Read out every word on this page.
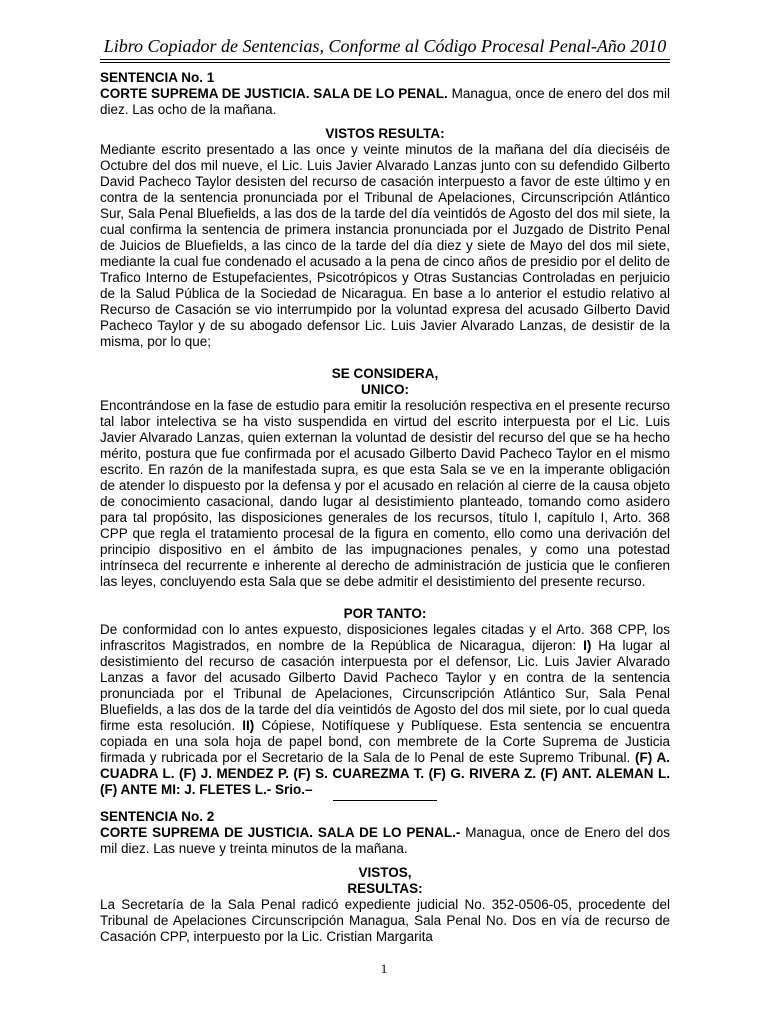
Libro Copiador de Sentencias, Conforme al Código Procesal Penal-Año 2010

SENTENCIA No. 1

CORTE SUPREMA DE JUSTICIA. SALA DE LO PENAL. Managua, once de enero del dos mil diez. Las ocho de la mañana.

VISTOS RESULTA:

Mediante escrito presentado a las once y veinte minutos de la mañana del día dieciséis de Octubre del dos mil nueve, el Lic. Luis Javier Alvarado Lanzas junto con su defendido Gilberto David Pacheco Taylor desisten del recurso de casación interpuesto a favor de este último y en contra de la sentencia pronunciada por el Tribunal de Apelaciones, Circunscripción Atlántico Sur, Sala Penal Bluefields, a las dos de la tarde del día veintidós de Agosto del dos mil siete, la cual confirma la sentencia de primera instancia pronunciada por el Juzgado de Distrito Penal de Juicios de Bluefields, a las cinco de la tarde del día diez y siete de Mayo del dos mil siete, mediante la cual fue condenado el acusado a la pena de cinco años de presidio por el delito de Trafico Interno de Estupefacientes, Psicotrópicos y Otras Sustancias Controladas en perjuicio de la Salud Pública de la Sociedad de Nicaragua. En base a lo anterior el estudio relativo al Recurso de Casación se vio interrumpido por la voluntad expresa del acusado Gilberto David Pacheco Taylor y de su abogado defensor Lic. Luis Javier Alvarado Lanzas, de desistir de la misma, por lo que;

SE CONSIDERA,

UNICO:

Encontrándose en la fase de estudio para emitir la resolución respectiva en el presente recurso tal labor intelectiva se ha visto suspendida en virtud del escrito interpuesta por el Lic. Luis Javier Alvarado Lanzas, quien externan la voluntad de desistir del recurso del que se ha hecho mérito, postura que fue confirmada por el acusado Gilberto David Pacheco Taylor en el mismo escrito. En razón de la manifestada supra, es que esta Sala se ve en la imperante obligación de atender lo dispuesto por la defensa y por el acusado en relación al cierre de la causa objeto de conocimiento casacional, dando lugar al desistimiento planteado, tomando como asidero para tal propósito, las disposiciones generales de los recursos, título I, capítulo I, Arto. 368 CPP que regla el tratamiento procesal de la figura en comento, ello como una derivación del principio dispositivo en el ámbito de las impugnaciones penales, y como una potestad intrínseca del recurrente e inherente al derecho de administración de justicia que le confieren las leyes, concluyendo esta Sala que se debe admitir el desistimiento del presente recurso.

POR TANTO:

De conformidad con lo antes expuesto, disposiciones legales citadas y el Arto. 368 CPP, los infrascritos Magistrados, en nombre de la República de Nicaragua, dijeron: I) Ha lugar al desistimiento del recurso de casación interpuesta por el defensor, Lic. Luis Javier Alvarado Lanzas a favor del acusado Gilberto David Pacheco Taylor y en contra de la sentencia pronunciada por el Tribunal de Apelaciones, Circunscripción Atlántico Sur, Sala Penal Bluefields, a las dos de la tarde del día veintidós de Agosto del dos mil siete, por lo cual queda firme esta resolución. II) Cópiese, Notifíquese y Publíquese. Esta sentencia se encuentra copiada en una sola hoja de papel bond, con membrete de la Corte Suprema de Justicia firmada y rubricada por el Secretario de la Sala de lo Penal de este Supremo Tribunal. (F) A. CUADRA L. (F) J. MENDEZ P. (F) S. CUAREZMA T. (F) G. RIVERA Z. (F) ANT. ALEMAN L. (F) ANTE MI: J. FLETES L.- Srio.–

SENTENCIA No. 2

CORTE SUPREMA DE JUSTICIA. SALA DE LO PENAL.- Managua, once de Enero del dos mil diez. Las nueve y treinta minutos de la mañana.

VISTOS,

RESULTAS:

La Secretaría de la Sala Penal radicó expediente judicial No. 352-0506-05, procedente del Tribunal de Apelaciones Circunscripción Managua, Sala Penal No. Dos en vía de recurso de Casación CPP, interpuesto por la Lic. Cristian Margarita

1
